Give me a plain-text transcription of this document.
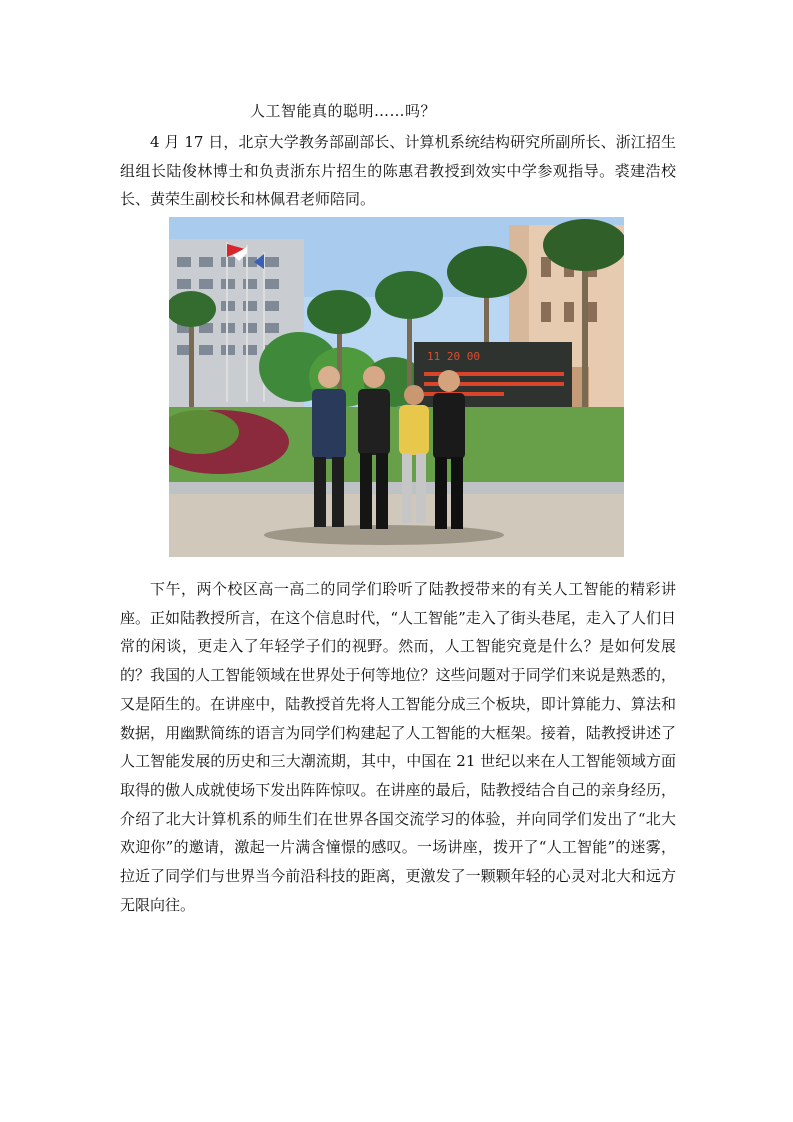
人工智能真的聪明……吗？

4 月 17 日，北京大学教务部副部长、计算机系统结构研究所副所长、浙江招生组组长陆俊林博士和负责浙东片招生的陈惠君教授到效实中学参观指导。裘建浩校长、黄荣生副校长和林佩君老师陪同。

11 20 00

下午，两个校区高一高二的同学们聆听了陆教授带来的有关人工智能的精彩讲座。正如陆教授所言，在这个信息时代，“人工智能”走入了街头巷尾，走入了人们日常的闲谈，更走入了年轻学子们的视野。然而，人工智能究竟是什么？是如何发展的？我国的人工智能领域在世界处于何等地位？这些问题对于同学们来说是熟悉的，又是陌生的。在讲座中，陆教授首先将人工智能分成三个板块，即计算能力、算法和数据，用幽默简练的语言为同学们构建起了人工智能的大框架。接着，陆教授讲述了人工智能发展的历史和三大潮流期，其中，中国在 21 世纪以来在人工智能领域方面取得的傲人成就使场下发出阵阵惊叹。在讲座的最后，陆教授结合自己的亲身经历，介绍了北大计算机系的师生们在世界各国交流学习的体验，并向同学们发出了“北大欢迎你”的邀请，激起一片满含憧憬的感叹。一场讲座，拨开了“人工智能”的迷雾，拉近了同学们与世界当今前沿科技的距离，更激发了一颗颗年轻的心灵对北大和远方无限向往。
